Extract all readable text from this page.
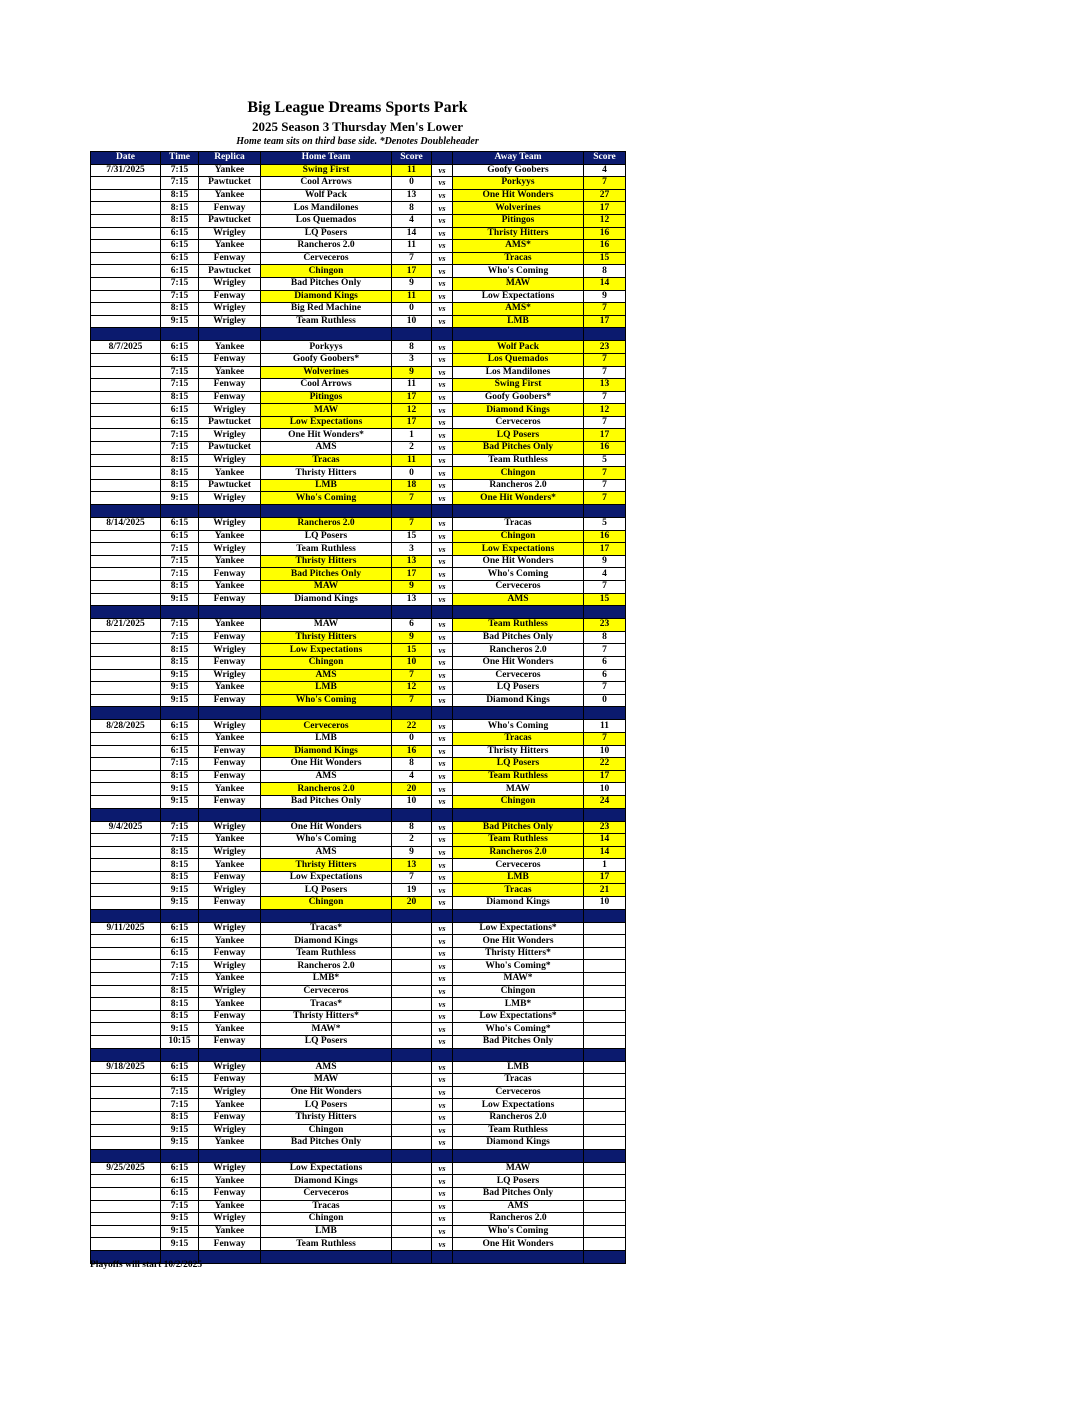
Big League Dreams Sports Park
2025 Season 3 Thursday Men's Lower
Home team sits on third base side. *Denotes Doubleheader
Date	Time	Replica	Home Team	Score		Away Team	Score
7/31/2025	7:15	Yankee	Swing First	11	vs	Goofy Goobers	4
	7:15	Pawtucket	Cool Arrows	0	vs	Porkyys	7
	8:15	Yankee	Wolf Pack	13	vs	One Hit Wonders	27
	8:15	Fenway	Los Mandilones	8	vs	Wolverines	17
	8:15	Pawtucket	Los Quemados	4	vs	Pitingos	12
	6:15	Wrigley	LQ Posers	14	vs	Thristy Hitters	16
	6:15	Yankee	Rancheros 2.0	11	vs	AMS*	16
	6:15	Fenway	Cerveceros	7	vs	Tracas	15
	6:15	Pawtucket	Chingon	17	vs	Who's Coming	8
	7:15	Wrigley	Bad Pitches Only	9	vs	MAW	14
	7:15	Fenway	Diamond Kings	11	vs	Low Expectations	9
	8:15	Wrigley	Big Red Machine	0	vs	AMS*	7
	9:15	Wrigley	Team Ruthless	10	vs	LMB	17

8/7/2025	6:15	Yankee	Porkyys	8	vs	Wolf Pack	23
	6:15	Fenway	Goofy Goobers*	3	vs	Los Quemados	7
	7:15	Yankee	Wolverines	9	vs	Los Mandilones	7
	7:15	Fenway	Cool Arrows	11	vs	Swing First	13
	8:15	Fenway	Pitingos	17	vs	Goofy Goobers*	7
	6:15	Wrigley	MAW	12	vs	Diamond Kings	12
	6:15	Pawtucket	Low Expectations	17	vs	Cerveceros	7
	7:15	Wrigley	One Hit Wonders*	1	vs	LQ Posers	17
	7:15	Pawtucket	AMS	2	vs	Bad Pitches Only	16
	8:15	Wrigley	Tracas	11	vs	Team Ruthless	5
	8:15	Yankee	Thristy Hitters	0	vs	Chingon	7
	8:15	Pawtucket	LMB	18	vs	Rancheros 2.0	7
	9:15	Wrigley	Who's Coming	7	vs	One Hit Wonders*	7

8/14/2025	6:15	Wrigley	Rancheros 2.0	7	vs	Tracas	5
	6:15	Yankee	LQ Posers	15	vs	Chingon	16
	7:15	Wrigley	Team Ruthless	3	vs	Low Expectations	17
	7:15	Yankee	Thristy Hitters	13	vs	One Hit Wonders	9
	7:15	Fenway	Bad Pitches Only	17	vs	Who's Coming	4
	8:15	Yankee	MAW	9	vs	Cerveceros	7
	9:15	Fenway	Diamond Kings	13	vs	AMS	15

8/21/2025	7:15	Yankee	MAW	6	vs	Team Ruthless	23
	7:15	Fenway	Thristy Hitters	9	vs	Bad Pitches Only	8
	8:15	Wrigley	Low Expectations	15	vs	Rancheros 2.0	7
	8:15	Fenway	Chingon	10	vs	One Hit Wonders	6
	9:15	Wrigley	AMS	7	vs	Cerveceros	6
	9:15	Yankee	LMB	12	vs	LQ Posers	7
	9:15	Fenway	Who's Coming	7	vs	Diamond Kings	0

8/28/2025	6:15	Wrigley	Cerveceros	22	vs	Who's Coming	11
	6:15	Yankee	LMB	0	vs	Tracas	7
	6:15	Fenway	Diamond Kings	16	vs	Thristy Hitters	10
	7:15	Fenway	One Hit Wonders	8	vs	LQ Posers	22
	8:15	Fenway	AMS	4	vs	Team Ruthless	17
	9:15	Yankee	Rancheros 2.0	20	vs	MAW	10
	9:15	Fenway	Bad Pitches Only	10	vs	Chingon	24

9/4/2025	7:15	Wrigley	One Hit Wonders	8	vs	Bad Pitches Only	23
	7:15	Yankee	Who's Coming	2	vs	Team Ruthless	14
	8:15	Wrigley	AMS	9	vs	Rancheros 2.0	14
	8:15	Yankee	Thristy Hitters	13	vs	Cerveceros	1
	8:15	Fenway	Low Expectations	7	vs	LMB	17
	9:15	Wrigley	LQ Posers	19	vs	Tracas	21
	9:15	Fenway	Chingon	20	vs	Diamond Kings	10

9/11/2025	6:15	Wrigley	Tracas*		vs	Low Expectations*	
	6:15	Yankee	Diamond Kings		vs	One Hit Wonders	
	6:15	Fenway	Team Ruthless		vs	Thristy Hitters*	
	7:15	Wrigley	Rancheros 2.0		vs	Who's Coming*	
	7:15	Yankee	LMB*		vs	MAW*	
	8:15	Wrigley	Cerveceros		vs	Chingon	
	8:15	Yankee	Tracas*		vs	LMB*	
	8:15	Fenway	Thristy Hitters*		vs	Low Expectations*	
	9:15	Yankee	MAW*		vs	Who's Coming*	
	10:15	Fenway	LQ Posers		vs	Bad Pitches Only	

9/18/2025	6:15	Wrigley	AMS		vs	LMB	
	6:15	Fenway	MAW		vs	Tracas	
	7:15	Wrigley	One Hit Wonders		vs	Cerveceros	
	7:15	Yankee	LQ Posers		vs	Low Expectations	
	8:15	Fenway	Thristy Hitters		vs	Rancheros 2.0	
	9:15	Wrigley	Chingon		vs	Team Ruthless	
	9:15	Yankee	Bad Pitches Only		vs	Diamond Kings	

9/25/2025	6:15	Wrigley	Low Expectations		vs	MAW	
	6:15	Yankee	Diamond Kings		vs	LQ Posers	
	6:15	Fenway	Cerveceros		vs	Bad Pitches Only	
	7:15	Yankee	Tracas		vs	AMS	
	9:15	Wrigley	Chingon		vs	Rancheros 2.0	
	9:15	Yankee	LMB		vs	Who's Coming	
	9:15	Fenway	Team Ruthless		vs	One Hit Wonders	

Playoffs will start 10/2/2025
